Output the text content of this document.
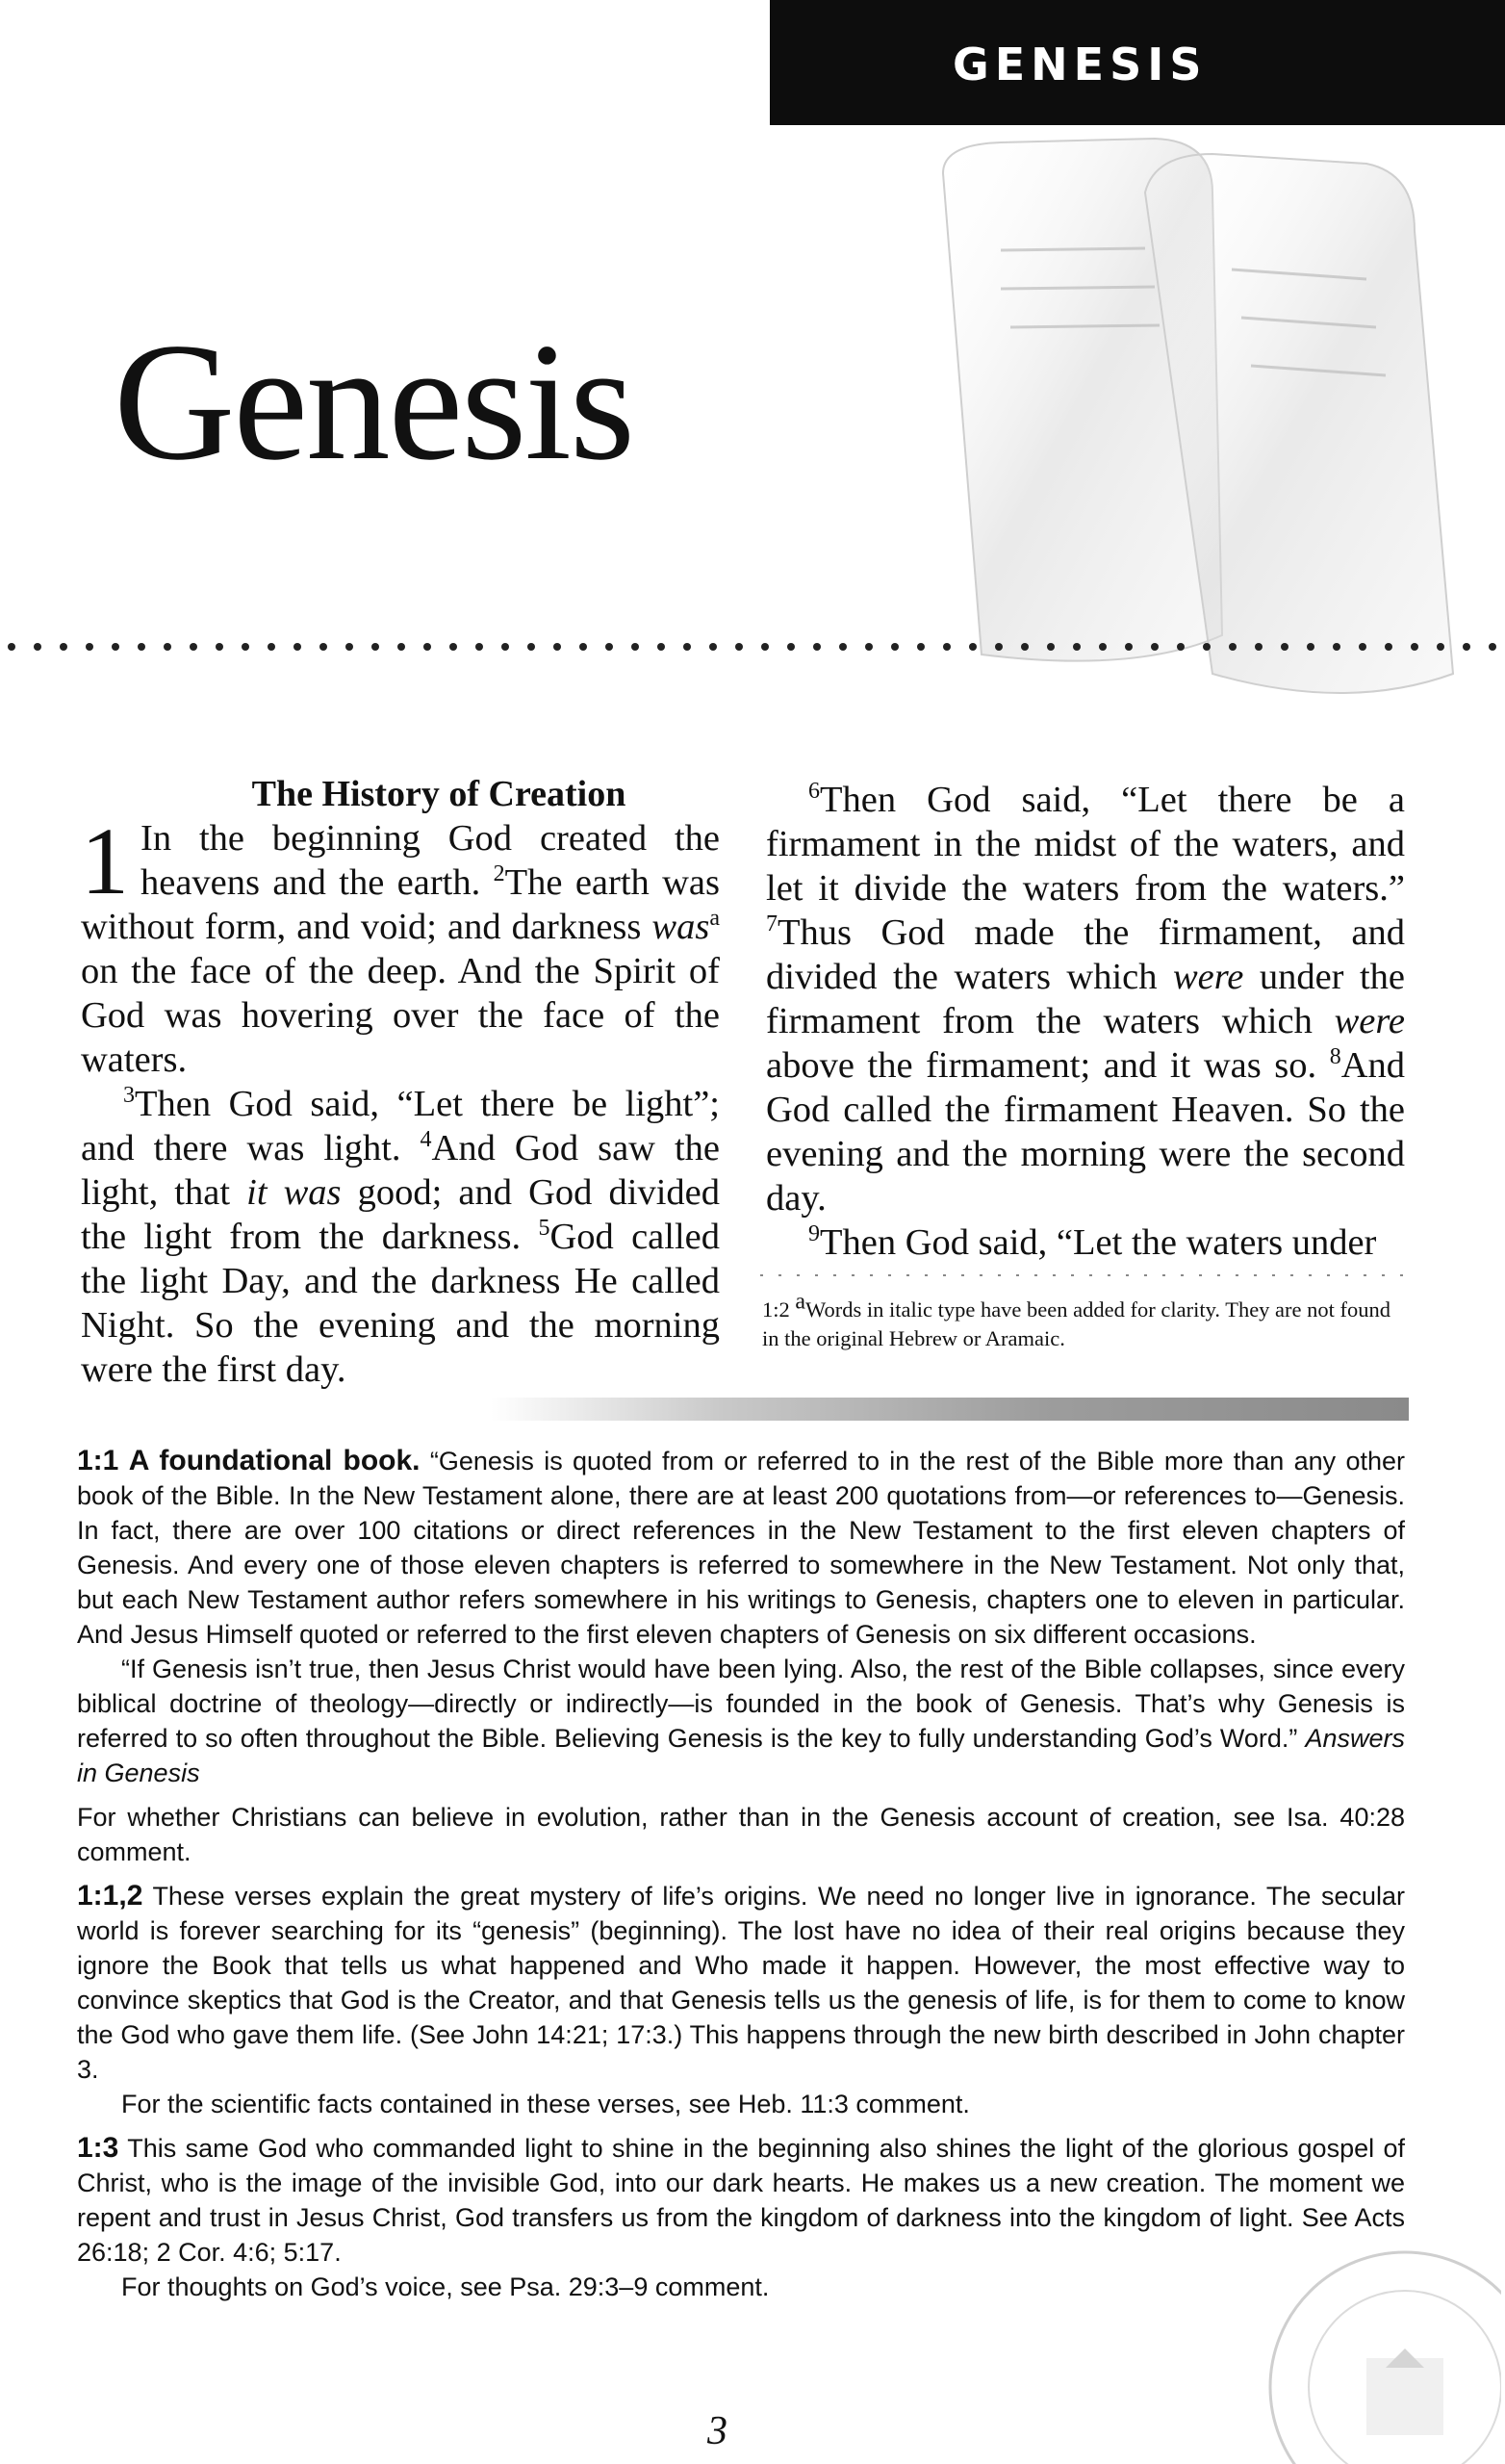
GENESIS
Genesis
The History of Creation
1 In the beginning God created the heavens and the earth. $^2$The earth was without form, and void; and darkness was$^a$ on the face of the deep. And the Spirit of God was hovering over the face of the waters.
$^3$Then God said, “Let there be light”; and there was light. $^4$And God saw the light, that it was good; and God divided the light from the darkness. $^5$God called the light Day, and the darkness He called Night. So the evening and the morning were the first day.
$^6$Then God said, “Let there be a firmament in the midst of the waters, and let it divide the waters from the waters.” $^7$Thus God made the firmament, and divided the waters which were under the firmament from the waters which were above the firmament; and it was so. $^8$And God called the firmament Heaven. So the evening and the morning were the second day.
$^9$Then God said, “Let the waters under
1:2 $^a$Words in italic type have been added for clarity. They are not found in the original Hebrew or Aramaic.

1:1 A foundational book. “Genesis is quoted from or referred to in the rest of the Bible more than any other book of the Bible. In the New Testament alone, there are at least 200 quotations from—or references to—Genesis. In fact, there are over 100 citations or direct references in the New Testament to the first eleven chapters of Genesis. And every one of those eleven chapters is referred to somewhere in the New Testament. Not only that, but each New Testament author refers somewhere in his writings to Genesis, chapters one to eleven in particular. And Jesus Himself quoted or referred to the first eleven chapters of Genesis on six different occasions.

“If Genesis isn’t true, then Jesus Christ would have been lying. Also, the rest of the Bible collapses, since every biblical doctrine of theology—directly or indirectly—is founded in the book of Genesis. That’s why Genesis is referred to so often throughout the Bible. Believing Genesis is the key to fully understanding God’s Word.” Answers in Genesis

For whether Christians can believe in evolution, rather than in the Genesis account of creation, see Isa. 40:28 comment.

1:1,2 These verses explain the great mystery of life’s origins. We need no longer live in ignorance. The secular world is forever searching for its “genesis” (beginning). The lost have no idea of their real origins because they ignore the Book that tells us what happened and Who made it happen. However, the most effective way to convince skeptics that God is the Creator, and that Genesis tells us the genesis of life, is for them to come to know the God who gave them life. (See John 14:21; 17:3.) This happens through the new birth described in John chapter 3.

For the scientific facts contained in these verses, see Heb. 11:3 comment.

1:3 This same God who commanded light to shine in the beginning also shines the light of the glorious gospel of Christ, who is the image of the invisible God, into our dark hearts. He makes us a new creation. The moment we repent and trust in Jesus Christ, God transfers us from the kingdom of darkness into the kingdom of light. See Acts 26:18; 2 Cor. 4:6; 5:17.

For thoughts on God’s voice, see Psa. 29:3–9 comment.

3
